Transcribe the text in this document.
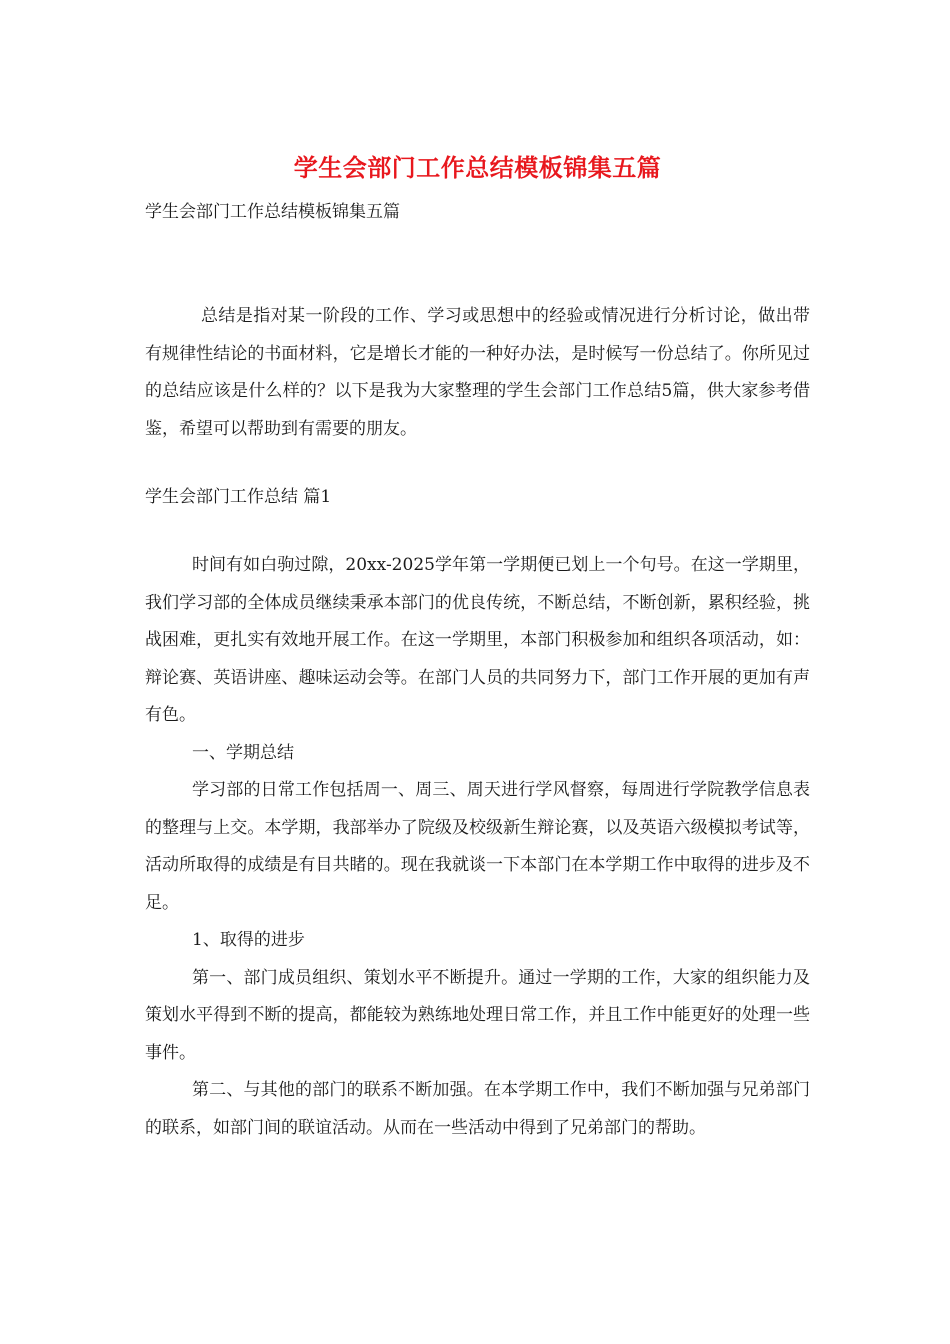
学生会部门工作总结模板锦集五篇
学生会部门工作总结模板锦集五篇
总结是指对某一阶段的工作、学习或思想中的经验或情况进行分析讨论，做出带有规律性结论的书面材料，它是增长才能的一种好办法，是时候写一份总结了。你所见过的总结应该是什么样的？以下是我为大家整理的学生会部门工作总结5篇，供大家参考借鉴，希望可以帮助到有需要的朋友。
学生会部门工作总结 篇1

时间有如白驹过隙，20xx-2025学年第一学期便已划上一个句号。在这一学期里，我们学习部的全体成员继续秉承本部门的优良传统，不断总结，不断创新，累积经验，挑战困难，更扎实有效地开展工作。在这一学期里，本部门积极参加和组织各项活动，如：辩论赛、英语讲座、趣味运动会等。在部门人员的共同努力下，部门工作开展的更加有声有色。

一、学期总结

学习部的日常工作包括周一、周三、周天进行学风督察，每周进行学院教学信息表的整理与上交。本学期，我部举办了院级及校级新生辩论赛，以及英语六级模拟考试等，活动所取得的成绩是有目共睹的。现在我就谈一下本部门在本学期工作中取得的进步及不足。

1、取得的进步

第一、部门成员组织、策划水平不断提升。通过一学期的工作，大家的组织能力及策划水平得到不断的提高，都能较为熟练地处理日常工作，并且工作中能更好的处理一些事件。

第二、与其他的部门的联系不断加强。在本学期工作中，我们不断加强与兄弟部门的联系，如部门间的联谊活动。从而在一些活动中得到了兄弟部门的帮助。
